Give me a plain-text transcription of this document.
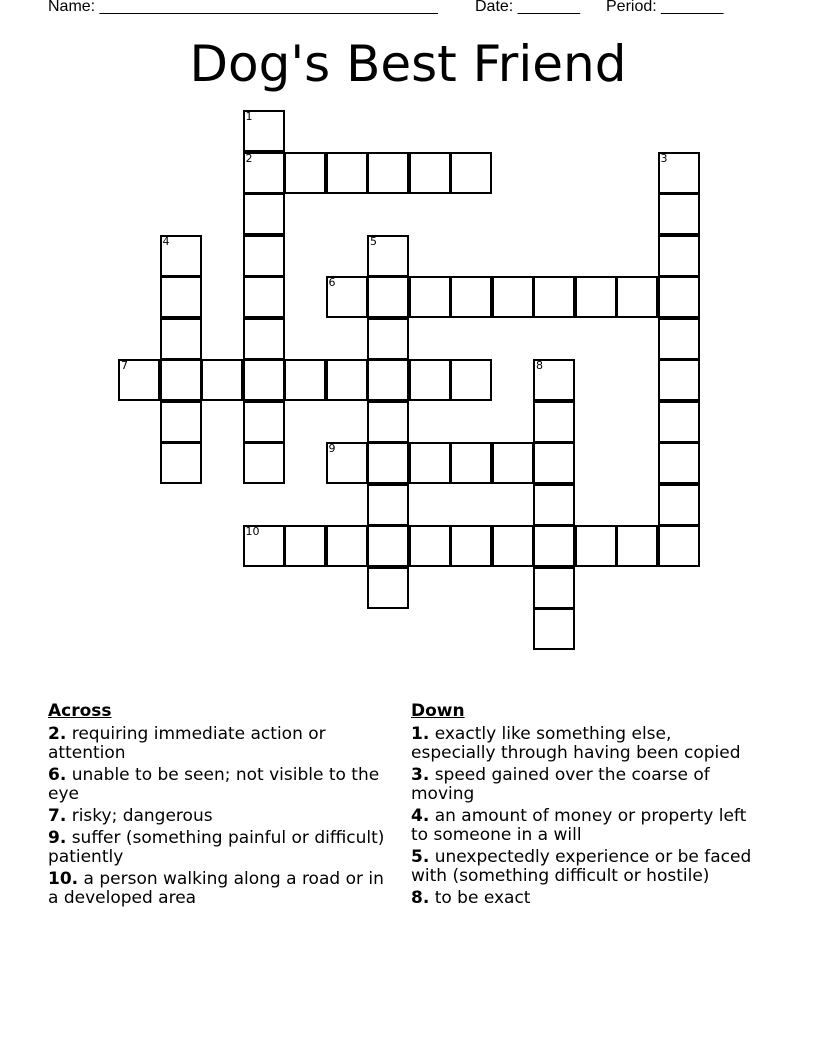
Name: ______________________________________ Date: _______ Period: _______
Dog's Best Friend
1
2	3
4	5
6
7	8
9
10
Across
2. requiring immediate action or attention
6. unable to be seen; not visible to the eye
7. risky; dangerous
9. suffer (something painful or difficult) patiently
10. a person walking along a road or in a developed area
Down
1. exactly like something else, especially through having been copied
3. speed gained over the coarse of moving
4. an amount of money or property left to someone in a will
5. unexpectedly experience or be faced with (something difficult or hostile)
8. to be exact
